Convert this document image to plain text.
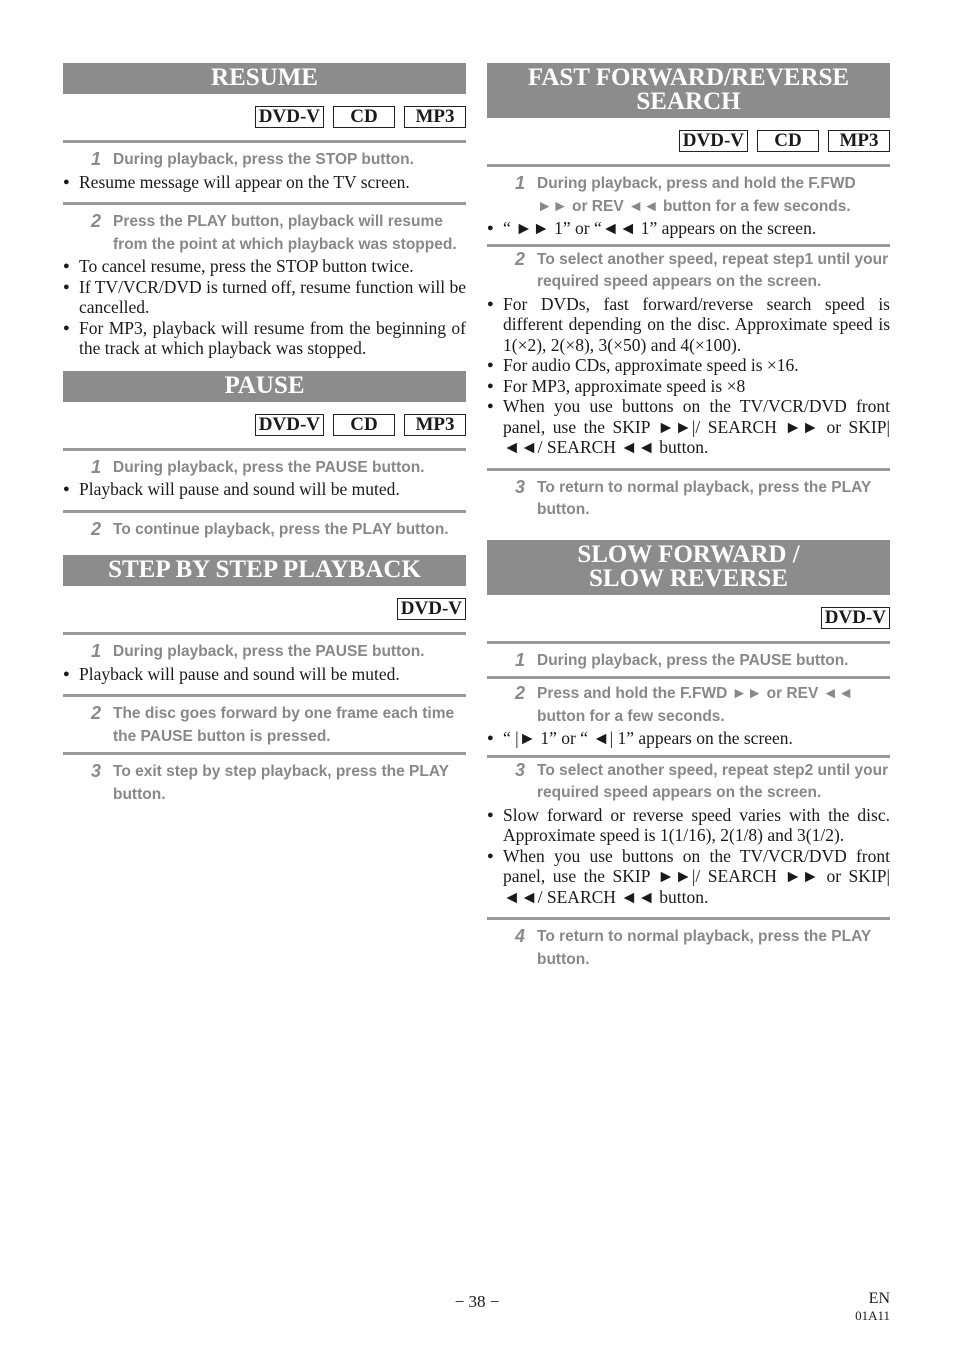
RESUME
DVD-V	CD	MP3
1 During playback, press the STOP button.
● Resume message will appear on the TV screen.
2 Press the PLAY button, playback will resume from the point at which playback was stopped.
● To cancel resume, press the STOP button twice.
● If TV/VCR/DVD is turned off, resume function will be cancelled.
● For MP3, playback will resume from the beginning of the track at which playback was stopped.
PAUSE
DVD-V	CD	MP3
1 During playback, press the PAUSE button.
● Playback will pause and sound will be muted.
2 To continue playback, press the PLAY button.
STEP BY STEP PLAYBACK
DVD-V
1 During playback, press the PAUSE button.
● Playback will pause and sound will be muted.
2 The disc goes forward by one frame each time the PAUSE button is pressed.
3 To exit step by step playback, press the PLAY button.
FAST FORWARD/REVERSE
SEARCH
DVD-V	CD	MP3
1 During playback, press and hold the F.FWD ►► or REV ◄◄ button for a few seconds.
● “ ►► 1” or “◄◄ 1” appears on the screen.
2 To select another speed, repeat step1 until your required speed appears on the screen.
● For DVDs, fast forward/reverse search speed is different depending on the disc. Approximate speed is 1(×2), 2(×8), 3(×50) and 4(×100).
● For audio CDs, approximate speed is ×16.
● For MP3, approximate speed is ×8
● When you use buttons on the TV/VCR/DVD front panel, use the SKIP ►►|/ SEARCH ►► or SKIP|◄◄/ SEARCH ◄◄ button.
3 To return to normal playback, press the PLAY button.
SLOW FORWARD /
SLOW REVERSE
DVD-V
1 During playback, press the PAUSE button.
2 Press and hold the F.FWD ►► or REV ◄◄ button for a few seconds.
● “ |► 1” or “ ◄| 1” appears on the screen.
3 To select another speed, repeat step2 until your required speed appears on the screen.
● Slow forward or reverse speed varies with the disc. Approximate speed is 1(1/16), 2(1/8) and 3(1/2).
● When you use buttons on the TV/VCR/DVD front panel, use the SKIP ►►|/ SEARCH ►► or SKIP|◄◄/ SEARCH ◄◄ button.
4 To return to normal playback, press the PLAY button.
− 38 −	EN
01A11
